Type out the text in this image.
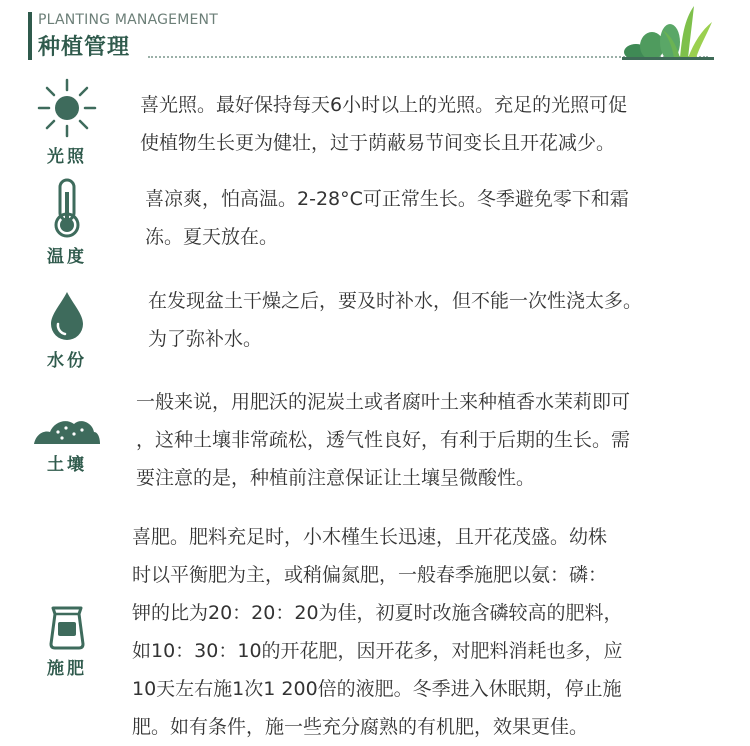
PLANTING MANAGEMENT
种植管理
光照
喜光照。最好保持每天6小时以上的光照。充足的光照可促
使植物生长更为健壮，过于荫蔽易节间变长且开花减少。
温度
喜凉爽，怕高温。2-28°C可正常生长。冬季避免零下和霜
冻。夏天放在。
水份
在发现盆土干燥之后，要及时补水，但不能一次性浇太多。
为了弥补水。
土壤
一般来说，用肥沃的泥炭土或者腐叶土来种植香水茉莉即可
，这种土壤非常疏松，透气性良好，有利于后期的生长。需
要注意的是，种植前注意保证让土壤呈微酸性。
施肥
喜肥。肥料充足时，小木槿生长迅速，且开花茂盛。幼株
时以平衡肥为主，或稍偏氮肥，一般春季施肥以氨：磷：
钾的比为20：20：20为佳，初夏时改施含磷较高的肥料，
如10：30：10的开花肥，因开花多，对肥料消耗也多，应
10天左右施1次1 200倍的液肥。冬季进入休眠期，停止施
肥。如有条件，施一些充分腐熟的有机肥，效果更佳。
